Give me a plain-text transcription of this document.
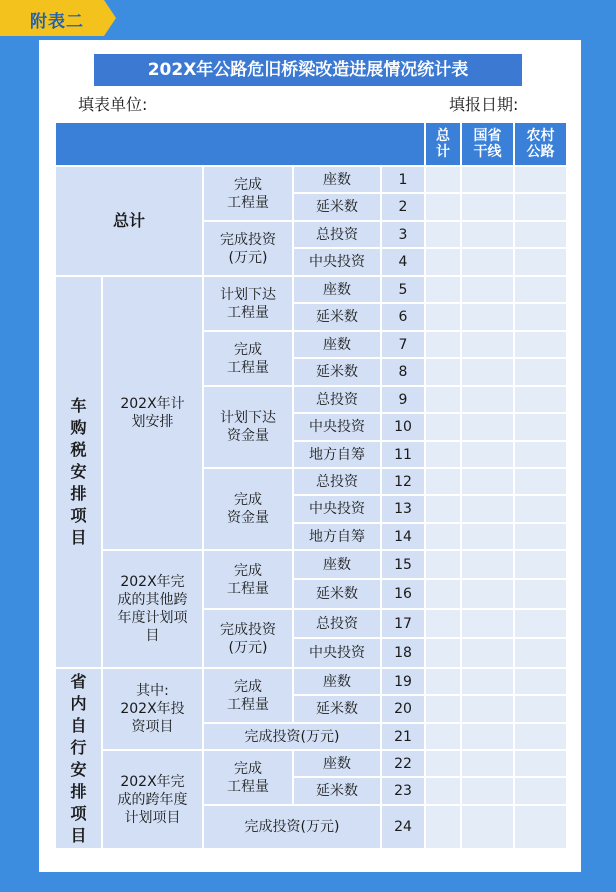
附表二
202X年公路危旧桥梁改造进展情况统计表
填表单位:	填报日期:
总
计
国省
干线
农村
公路
总计
车
购
税
安
排
项
目
省
内
自
行
安
排
项
目
202X年计
划安排
202X年完
成的其他跨
年度计划项
目
其中:
202X年投
资项目
202X年完
成的跨年度
计划项目
完成
工程量
完成投资
(万元)
计划下达
工程量
完成
工程量
计划下达
资金量
完成
资金量
完成
工程量
完成投资
(万元)
完成
工程量
完成投资(万元)
完成
工程量
完成投资(万元)
座数
延米数
总投资
中央投资
座数
延米数
座数
延米数
总投资
中央投资
地方自筹
总投资
中央投资
地方自筹
座数
延米数
总投资
中央投资
座数
延米数
座数
延米数
1
2
3
4
5
6
7
8
9
10
11
12
13
14
15
16
17
18
19
20
21
22
23
24
